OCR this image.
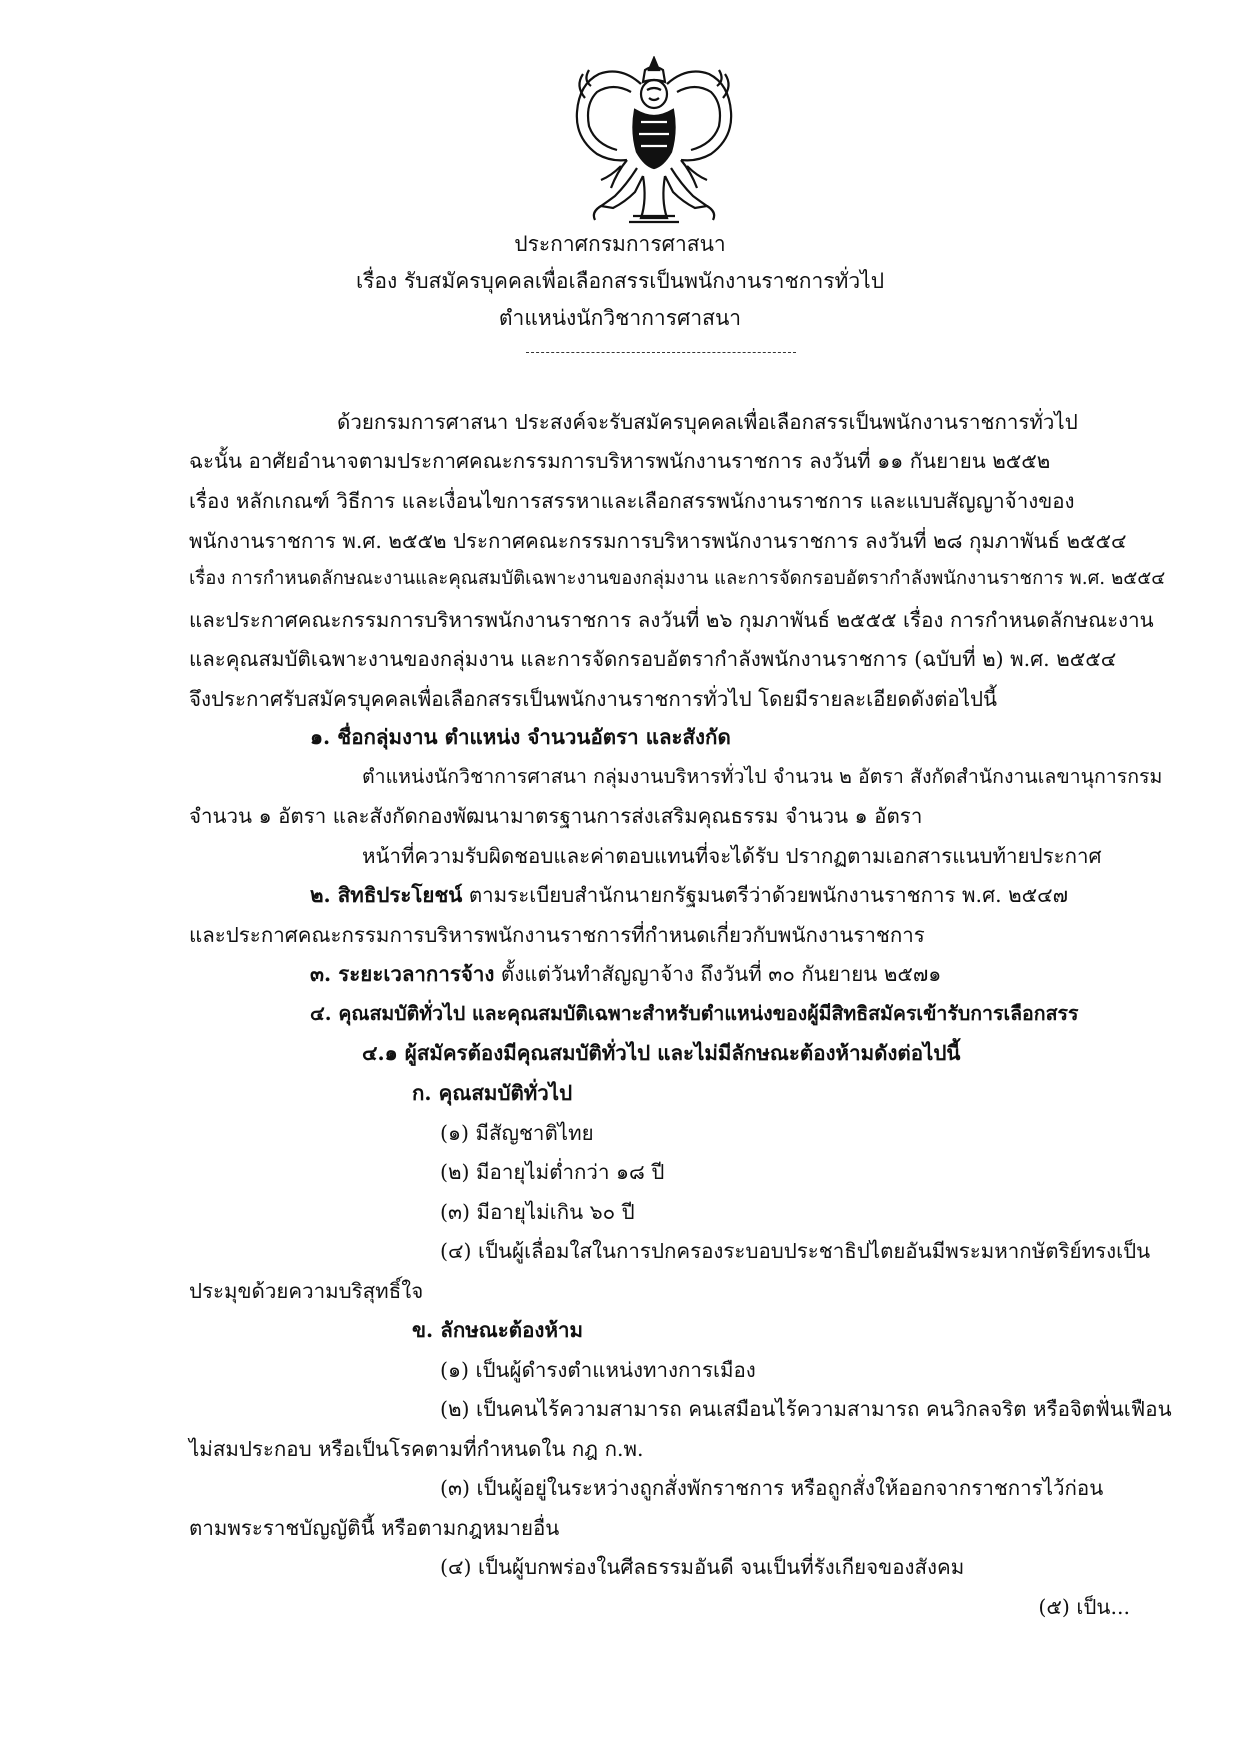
ประกาศกรมการศาสนา
เรื่อง รับสมัครบุคคลเพื่อเลือกสรรเป็นพนักงานราชการทั่วไป
ตำแหน่งนักวิชาการศาสนา
ด้วยกรมการศาสนา ประสงค์จะรับสมัครบุคคลเพื่อเลือกสรรเป็นพนักงานราชการทั่วไป
ฉะนั้น อาศัยอำนาจตามประกาศคณะกรรมการบริหารพนักงานราชการ ลงวันที่ ๑๑ กันยายน ๒๕๕๒
เรื่อง หลักเกณฑ์ วิธีการ และเงื่อนไขการสรรหาและเลือกสรรพนักงานราชการ และแบบสัญญาจ้างของ
พนักงานราชการ พ.ศ. ๒๕๕๒ ประกาศคณะกรรมการบริหารพนักงานราชการ ลงวันที่ ๒๘ กุมภาพันธ์ ๒๕๕๔
เรื่อง การกำหนดลักษณะงานและคุณสมบัติเฉพาะงานของกลุ่มงาน และการจัดกรอบอัตรากำลังพนักงานราชการ พ.ศ. ๒๕๕๔
และประกาศคณะกรรมการบริหารพนักงานราชการ ลงวันที่ ๒๖ กุมภาพันธ์ ๒๕๕๕ เรื่อง การกำหนดลักษณะงาน
และคุณสมบัติเฉพาะงานของกลุ่มงาน และการจัดกรอบอัตรากำลังพนักงานราชการ (ฉบับที่ ๒) พ.ศ. ๒๕๕๔
จึงประกาศรับสมัครบุคคลเพื่อเลือกสรรเป็นพนักงานราชการทั่วไป โดยมีรายละเอียดดังต่อไปนี้
๑. ชื่อกลุ่มงาน ตำแหน่ง จำนวนอัตรา และสังกัด
ตำแหน่งนักวิชาการศาสนา กลุ่มงานบริหารทั่วไป จำนวน ๒ อัตรา สังกัดสำนักงานเลขานุการกรม
จำนวน ๑ อัตรา และสังกัดกองพัฒนามาตรฐานการส่งเสริมคุณธรรม จำนวน ๑ อัตรา
หน้าที่ความรับผิดชอบและค่าตอบแทนที่จะได้รับ ปรากฏตามเอกสารแนบท้ายประกาศ
๒. สิทธิประโยชน์ ตามระเบียบสำนักนายกรัฐมนตรีว่าด้วยพนักงานราชการ พ.ศ. ๒๕๔๗
และประกาศคณะกรรมการบริหารพนักงานราชการที่กำหนดเกี่ยวกับพนักงานราชการ
๓. ระยะเวลาการจ้าง ตั้งแต่วันทำสัญญาจ้าง ถึงวันที่ ๓๐ กันยายน ๒๕๗๑
๔. คุณสมบัติทั่วไป และคุณสมบัติเฉพาะสำหรับตำแหน่งของผู้มีสิทธิสมัครเข้ารับการเลือกสรร
๔.๑ ผู้สมัครต้องมีคุณสมบัติทั่วไป และไม่มีลักษณะต้องห้ามดังต่อไปนี้
ก. คุณสมบัติทั่วไป
(๑) มีสัญชาติไทย
(๒) มีอายุไม่ต่ำกว่า ๑๘ ปี
(๓) มีอายุไม่เกิน ๖๐ ปี
(๔) เป็นผู้เลื่อมใสในการปกครองระบอบประชาธิปไตยอันมีพระมหากษัตริย์ทรงเป็น
ประมุขด้วยความบริสุทธิ์ใจ
ข. ลักษณะต้องห้าม
(๑) เป็นผู้ดำรงตำแหน่งทางการเมือง
(๒) เป็นคนไร้ความสามารถ คนเสมือนไร้ความสามารถ คนวิกลจริต หรือจิตฟั่นเฟือน
ไม่สมประกอบ หรือเป็นโรคตามที่กำหนดใน กฎ ก.พ.
(๓) เป็นผู้อยู่ในระหว่างถูกสั่งพักราชการ หรือถูกสั่งให้ออกจากราชการไว้ก่อน
ตามพระราชบัญญัตินี้ หรือตามกฎหมายอื่น
(๔) เป็นผู้บกพร่องในศีลธรรมอันดี จนเป็นที่รังเกียจของสังคม
(๕) เป็น...
